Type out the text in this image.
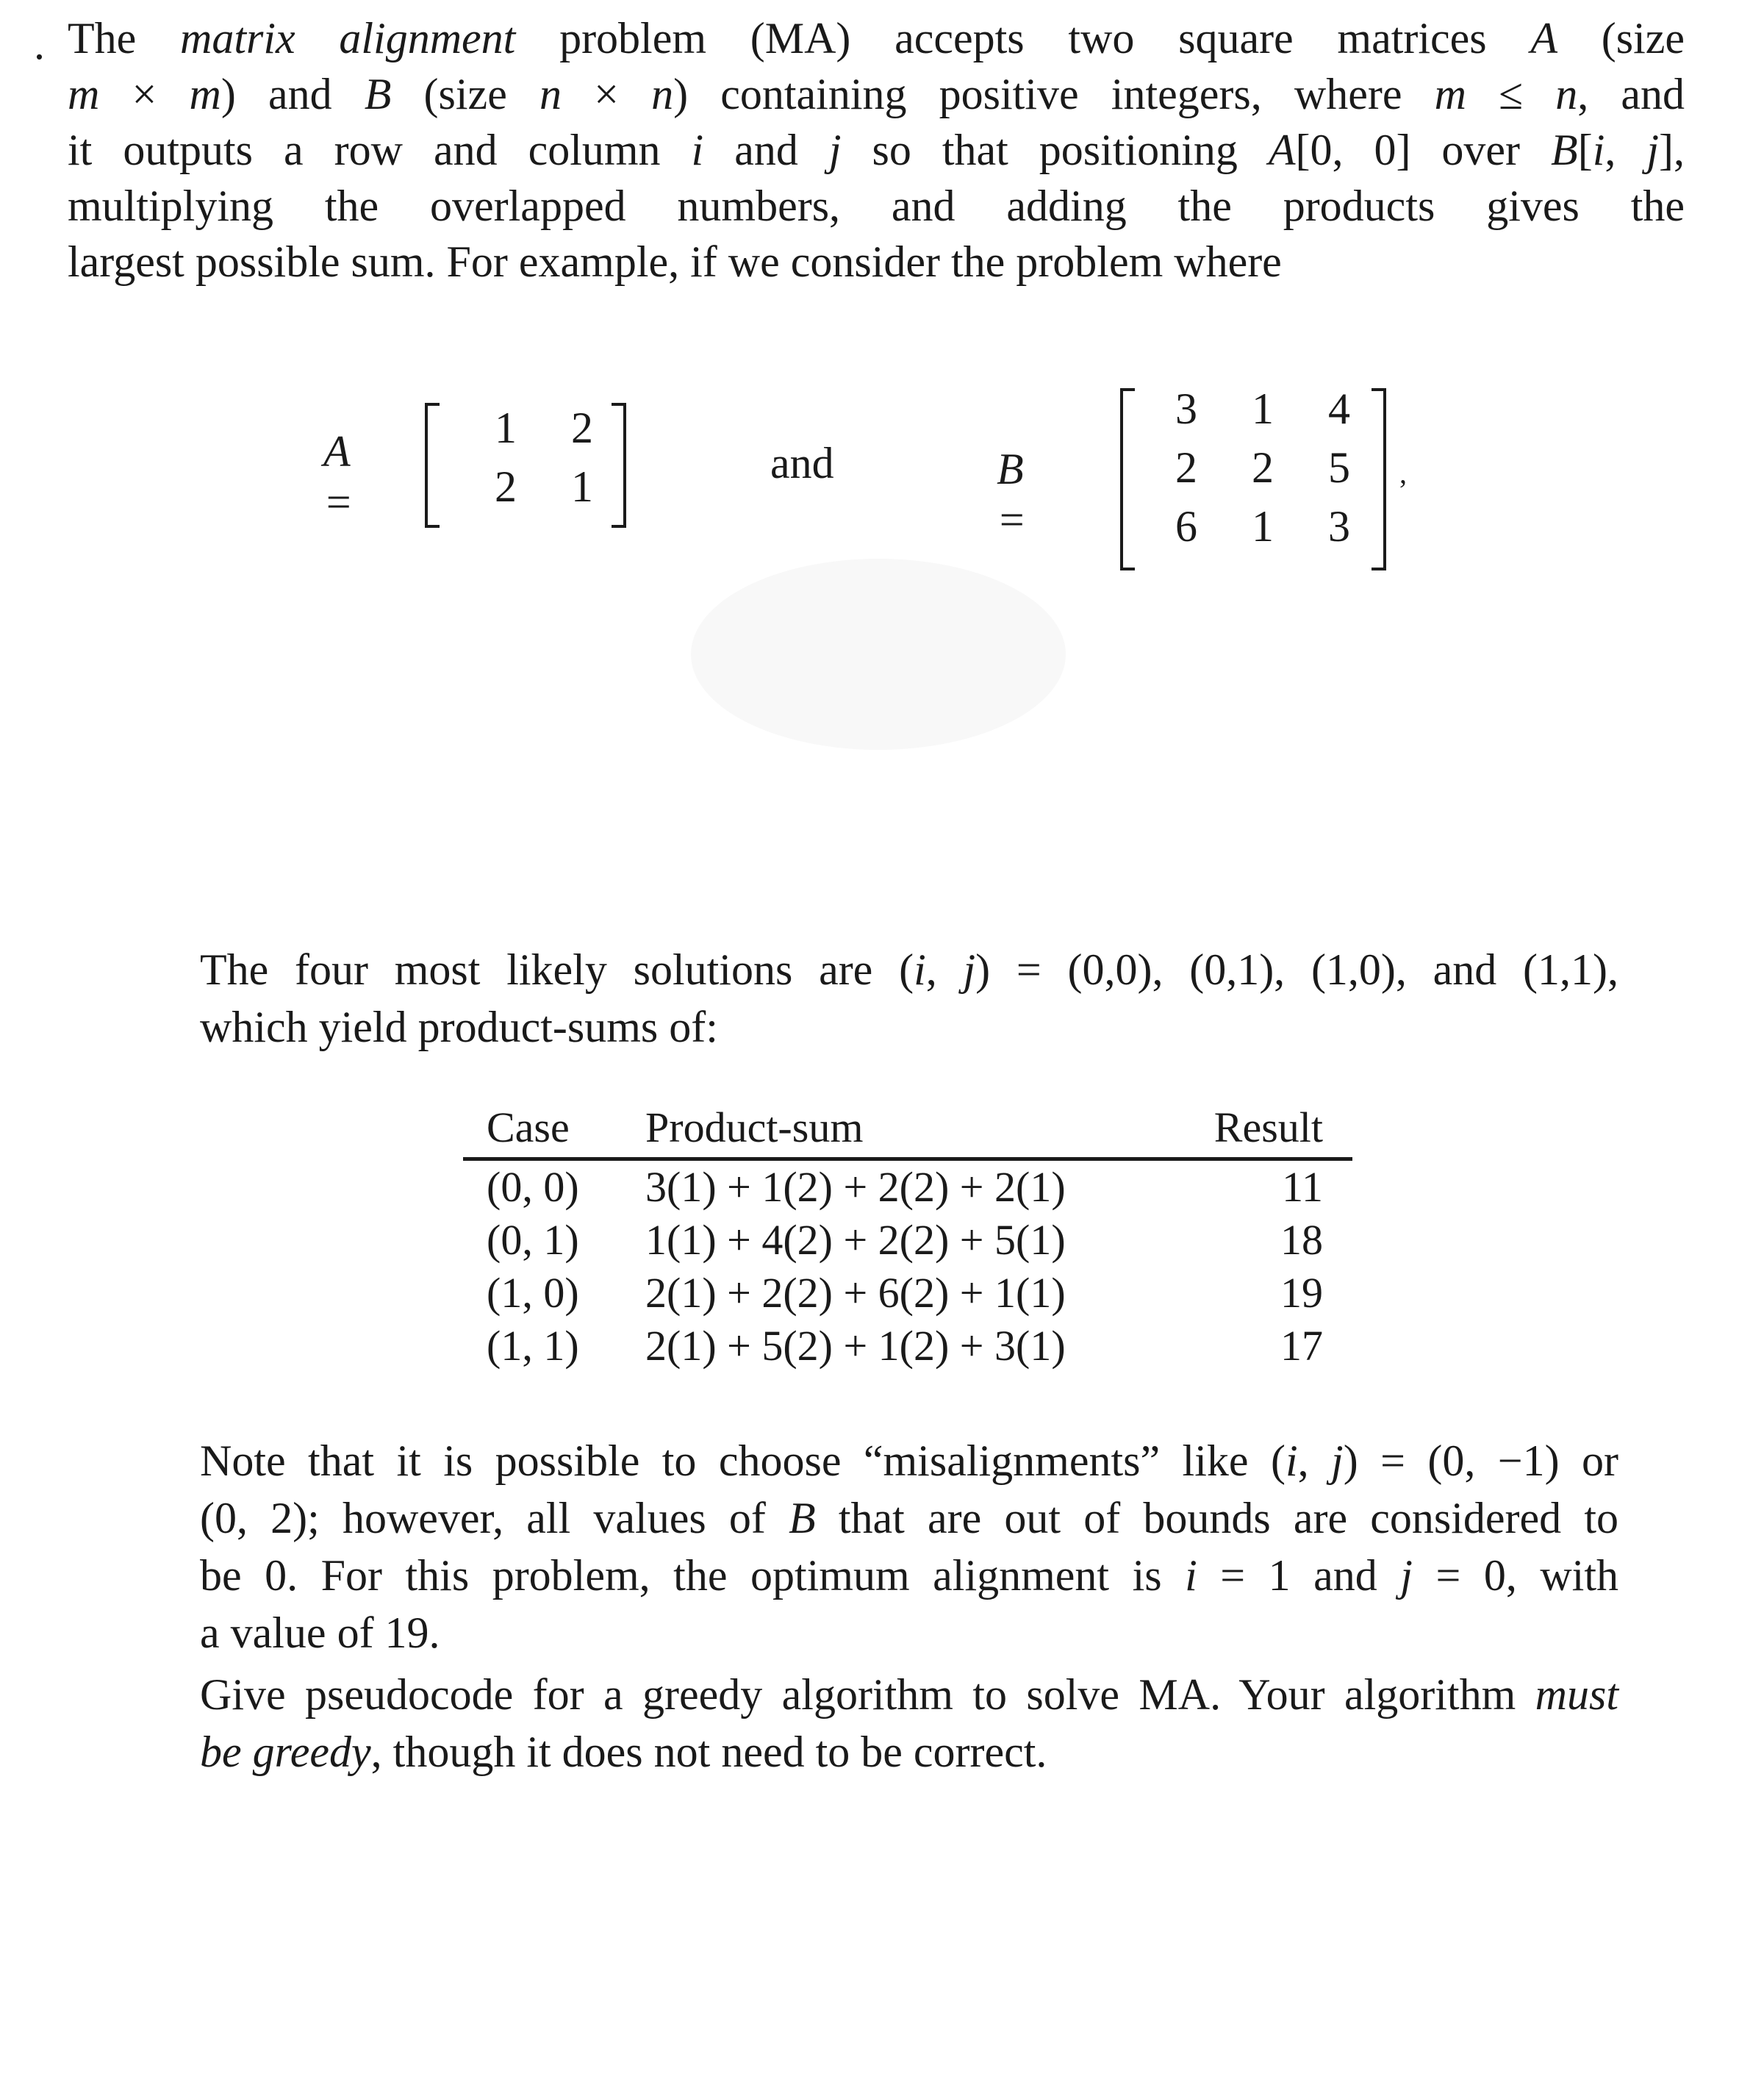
. The matrix alignment problem (MA) accepts two square matrices A (size
m × m) and B (size n × n) containing positive integers, where m ≤ n, and
it outputs a row and column i and j so that positioning A[0, 0] over B[i, j],
multiplying the overlapped numbers, and adding the products gives the
largest possible sum. For example, if we consider the problem where

A =
1 2
2 1	and	B =
3 1 4
2 2 5
6 1 3
,

The four most likely solutions are (i, j) = (0,0), (0,1), (1,0), and (1,1),
which yield product-sums of:

Case Product-sum	Result
(0, 0) 3(1) + 1(2) + 2(2) + 2(1)	11
(0, 1) 1(1) + 4(2) + 2(2) + 5(1)	18
(1, 0) 2(1) + 2(2) + 6(2) + 1(1)	19
(1, 1) 2(1) + 5(2) + 1(2) + 3(1)	17

Note that it is possible to choose “misalignments” like (i, j) = (0, −1) or
(0, 2); however, all values of B that are out of bounds are considered to
be 0. For this problem, the optimum alignment is i = 1 and j = 0, with
a value of 19.

Give pseudocode for a greedy algorithm to solve MA. Your algorithm must
be greedy, though it does not need to be correct.
